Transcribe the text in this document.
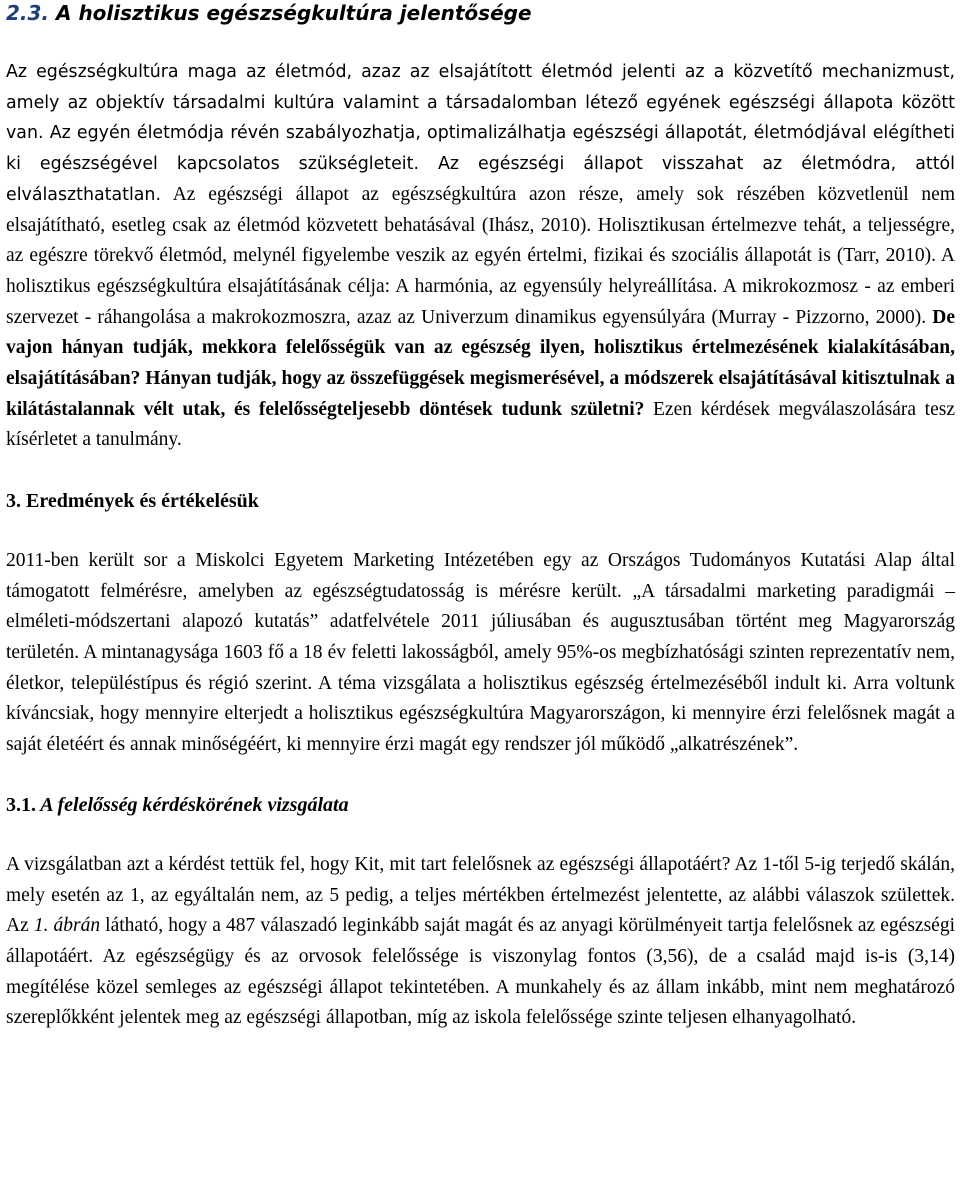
2.3. A holisztikus egészségkultúra jelentősége

Az egészségkultúra maga az életmód, azaz az elsajátított életmód jelenti az a közvetítő mechanizmust, amely az objektív társadalmi kultúra valamint a társadalomban létező egyének egészségi állapota között van. Az egyén életmódja révén szabályozhatja, optimalizálhatja egészségi állapotát, életmódjával elégítheti ki egészségével kapcsolatos szükségleteit. Az egészségi állapot visszahat az életmódra, attól elválaszthatatlan. Az egészségi állapot az egészségkultúra azon része, amely sok részében közvetlenül nem elsajátítható, esetleg csak az életmód közvetett behatásával (Ihász, 2010). Holisztikusan értelmezve tehát, a teljességre, az egészre törekvő életmód, melynél figyelembe veszik az egyén értelmi, fizikai és szociális állapotát is (Tarr, 2010). A holisztikus egészségkultúra elsajátításának célja: A harmónia, az egyensúly helyreállítása. A mikrokozmosz - az emberi szervezet - ráhangolása a makrokozmoszra, azaz az Univerzum dinamikus egyensúlyára (Murray - Pizzorno, 2000). De vajon hányan tudják, mekkora felelősségük van az egészség ilyen, holisztikus értelmezésének kialakításában, elsajátításában? Hányan tudják, hogy az összefüggések megismerésével, a módszerek elsajátításával kitisztulnak a kilátástalannak vélt utak, és felelősségteljesebb döntések tudunk születni? Ezen kérdések megválaszolására tesz kísérletet a tanulmány.

3. Eredmények és értékelésük

2011-ben került sor a Miskolci Egyetem Marketing Intézetében egy az Országos Tudományos Kutatási Alap által támogatott felmérésre, amelyben az egészségtudatosság is mérésre került. „A társadalmi marketing paradigmái – elméleti-módszertani alapozó kutatás” adatfelvétele 2011 júliusában és augusztusában történt meg Magyarország területén. A mintanagysága 1603 fő a 18 év feletti lakosságból, amely 95%-os megbízhatósági szinten reprezentatív nem, életkor, településtípus és régió szerint. A téma vizsgálata a holisztikus egészség értelmezéséből indult ki. Arra voltunk kíváncsiak, hogy mennyire elterjedt a holisztikus egészségkultúra Magyarországon, ki mennyire érzi felelősnek magát a saját életéért és annak minőségéért, ki mennyire érzi magát egy rendszer jól működő „alkatrészének”.

3.1. A felelősség kérdéskörének vizsgálata

A vizsgálatban azt a kérdést tettük fel, hogy Kit, mit tart felelősnek az egészségi állapotáért? Az 1-től 5-ig terjedő skálán, mely esetén az 1, az egyáltalán nem, az 5 pedig, a teljes mértékben értelmezést jelentette, az alábbi válaszok születtek. Az 1. ábrán látható, hogy a 487 válaszadó leginkább saját magát és az anyagi körülményeit tartja felelősnek az egészségi állapotáért. Az egészségügy és az orvosok felelőssége is viszonylag fontos (3,56), de a család majd is-is (3,14) megítélése közel semleges az egészségi állapot tekintetében. A munkahely és az állam inkább, mint nem meghatározó szereplőkként jelentek meg az egészségi állapotban, míg az iskola felelőssége szinte teljesen elhanyagolható.
